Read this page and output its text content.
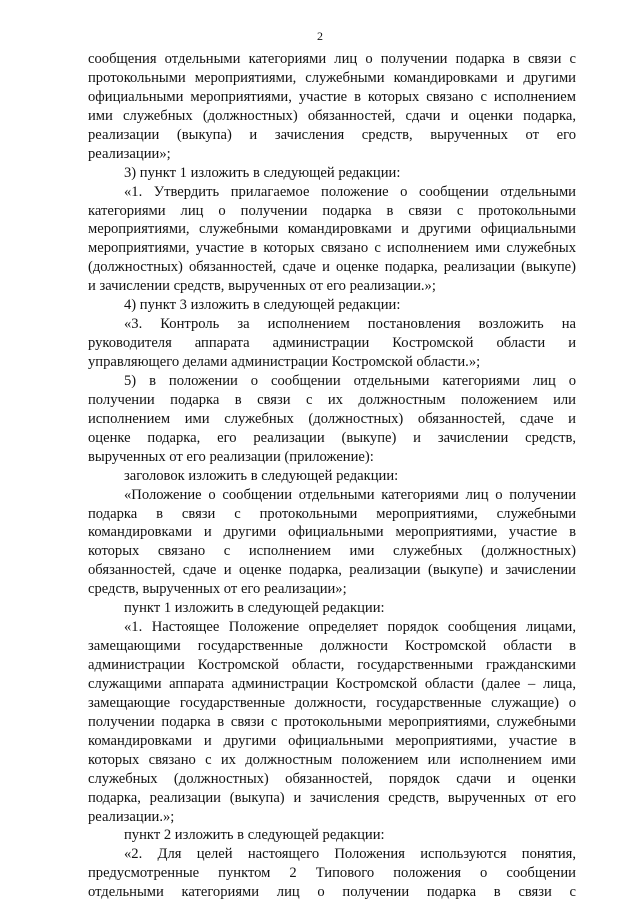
2
сообщения отдельными категориями лиц о получении подарка в связи с
протокольными мероприятиями, служебными командировками и другими
официальными мероприятиями, участие в которых связано с исполнением
ими служебных (должностных) обязанностей, сдачи и оценки подарка,
реализации (выкупа) и зачисления средств, вырученных от его
реализации»;
3) пункт 1 изложить в следующей редакции:
«1. Утвердить прилагаемое положение о сообщении отдельными
категориями лиц о получении подарка в связи с протокольными
мероприятиями, служебными командировками и другими официальными
мероприятиями, участие в которых связано с исполнением ими служебных
(должностных) обязанностей, сдаче и оценке подарка, реализации (выкупе)
и зачислении средств, вырученных от его реализации.»;
4) пункт 3 изложить в следующей редакции:
«3. Контроль за исполнением постановления возложить на
руководителя аппарата администрации Костромской области и
управляющего делами администрации Костромской области.»;
5) в положении о сообщении отдельными категориями лиц о
получении подарка в связи с их должностным положением или
исполнением ими служебных (должностных) обязанностей, сдаче и
оценке подарка, его реализации (выкупе) и зачислении средств,
вырученных от его реализации (приложение):
заголовок изложить в следующей редакции:
«Положение о сообщении отдельными категориями лиц о получении
подарка в связи с протокольными мероприятиями, служебными
командировками и другими официальными мероприятиями, участие в
которых связано с исполнением ими служебных (должностных)
обязанностей, сдаче и оценке подарка, реализации (выкупе) и зачислении
средств, вырученных от его реализации»;
пункт 1 изложить в следующей редакции:
«1. Настоящее Положение определяет порядок сообщения лицами,
замещающими государственные должности Костромской области в
администрации Костромской области, государственными гражданскими
служащими аппарата администрации Костромской области (далее – лица,
замещающие государственные должности, государственные служащие) о
получении подарка в связи с протокольными мероприятиями, служебными
командировками и другими официальными мероприятиями, участие в
которых связано с их должностным положением или исполнением ими
служебных (должностных) обязанностей, порядок сдачи и оценки
подарка, реализации (выкупа) и зачисления средств, вырученных от его
реализации.»;
пункт 2 изложить в следующей редакции:
«2. Для целей настоящего Положения используются понятия,
предусмотренные пунктом 2 Типового положения о сообщении
отдельными категориями лиц о получении подарка в связи с
